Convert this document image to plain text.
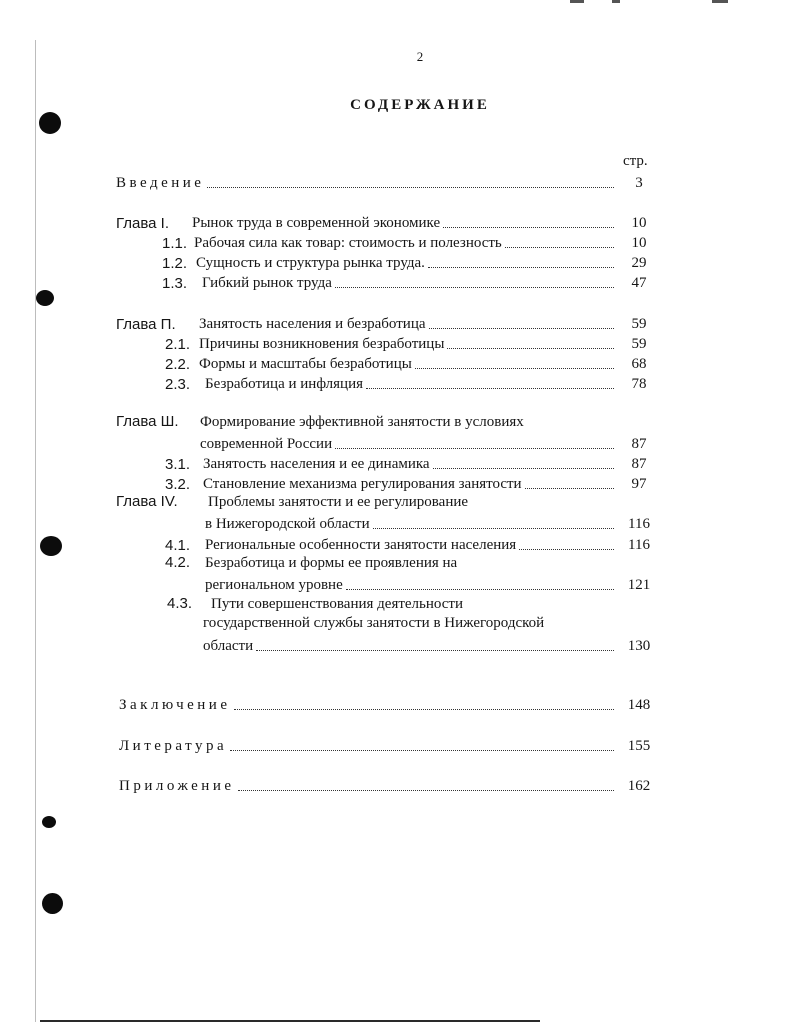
2
СОДЕРЖАНИЕ
стр.
Введение	3
Глава I.	Рынок труда в современной экономике	10
1.1. Рабочая сила как товар: стоимость и полезность	10
1.2. Сущность и структура рынка труда.	29
1.3. Гибкий рынок труда	47
Глава П.	Занятость населения и безработица	59
2.1. Причины возникновения безработицы	59
2.2. Формы и масштабы безработицы	68
2.3. Безработица и инфляция	78
Глава Ш. Формирование эффективной занятости в условиях
современной России	87
3.1. Занятость населения и ее динамика	87
3.2. Становление механизма регулирования занятости	97
Глава IV. Проблемы занятости и ее регулирование
в Нижегородской области	116
4.1. Региональные особенности занятости населения	116
4.2. Безработица и формы ее проявления на
региональном уровне	121
4.3. Пути совершенствования деятельности
государственной службы занятости в Нижегородской
области	130
Заключение	148
Литература	155
Приложение	162
